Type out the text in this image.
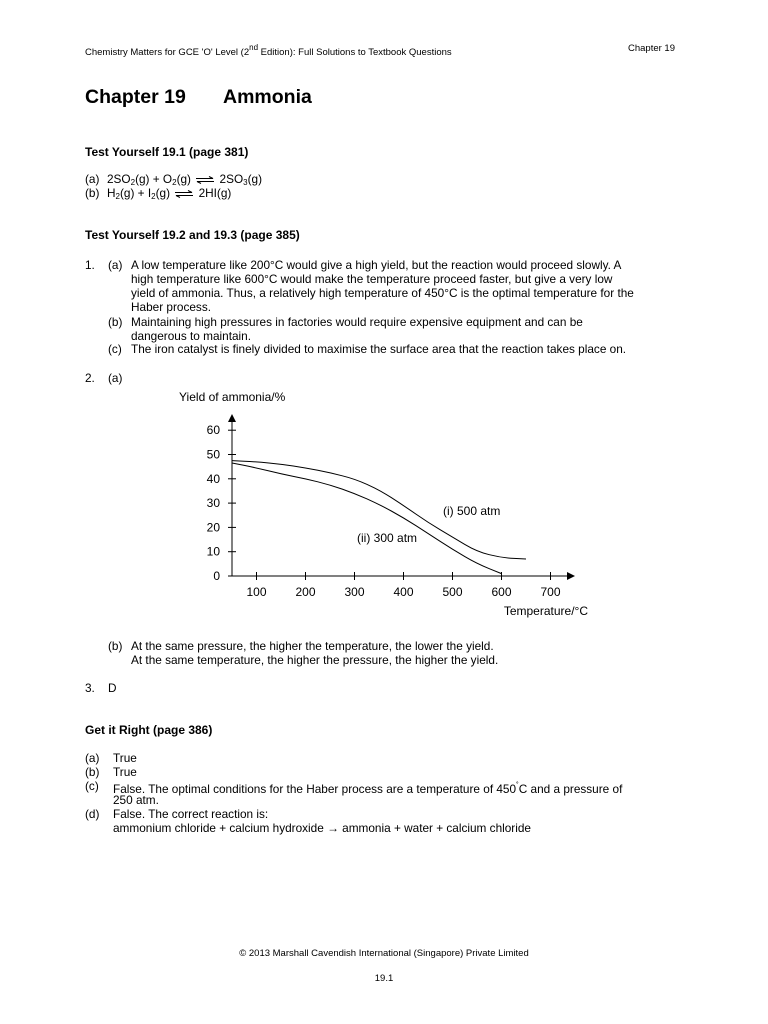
Chemistry Matters for GCE 'O' Level (2nd Edition): Full Solutions to Textbook Questions	Chapter 19
Chapter 19 Ammonia
Test Yourself 19.1 (page 381)
(a) $2SO_2(g) + O_2(g)$ ⇌ $2SO_3(g)$
(b) $H_2(g) + I_2(g)$ ⇌ 2HI(g)
Test Yourself 19.2 and 19.3 (page 385)
1. (a) A low temperature like 200°C would give a high yield, but the reaction would proceed slowly. A
high temperature like 600°C would make the temperature proceed faster, but give a very low
yield of ammonia. Thus, a relatively high temperature of 450°C is the optimal temperature for the
Haber process.
(b) Maintaining high pressures in factories would require expensive equipment and can be
dangerous to maintain.
(c) The iron catalyst is finely divided to maximise the surface area that the reaction takes place on.
2. (a)
0
10
20
30
40
50
60
100 200 300 400 500 600 700
Yield of ammonia/%
Temperature/°C
(i) 500 atm
(ii) 300 atm
(b) At the same pressure, the higher the temperature, the lower the yield.
At the same temperature, the higher the pressure, the higher the yield.
3. D
Get it Right (page 386)
(a) True
(b) True
(c) False. The optimal conditions for the Haber process are a temperature of 450˚C and a pressure of
250 atm.
(d) False. The correct reaction is:
ammonium chloride + calcium hydroxide → ammonia + water + calcium chloride
© 2013 Marshall Cavendish International (Singapore) Private Limited
19.1
